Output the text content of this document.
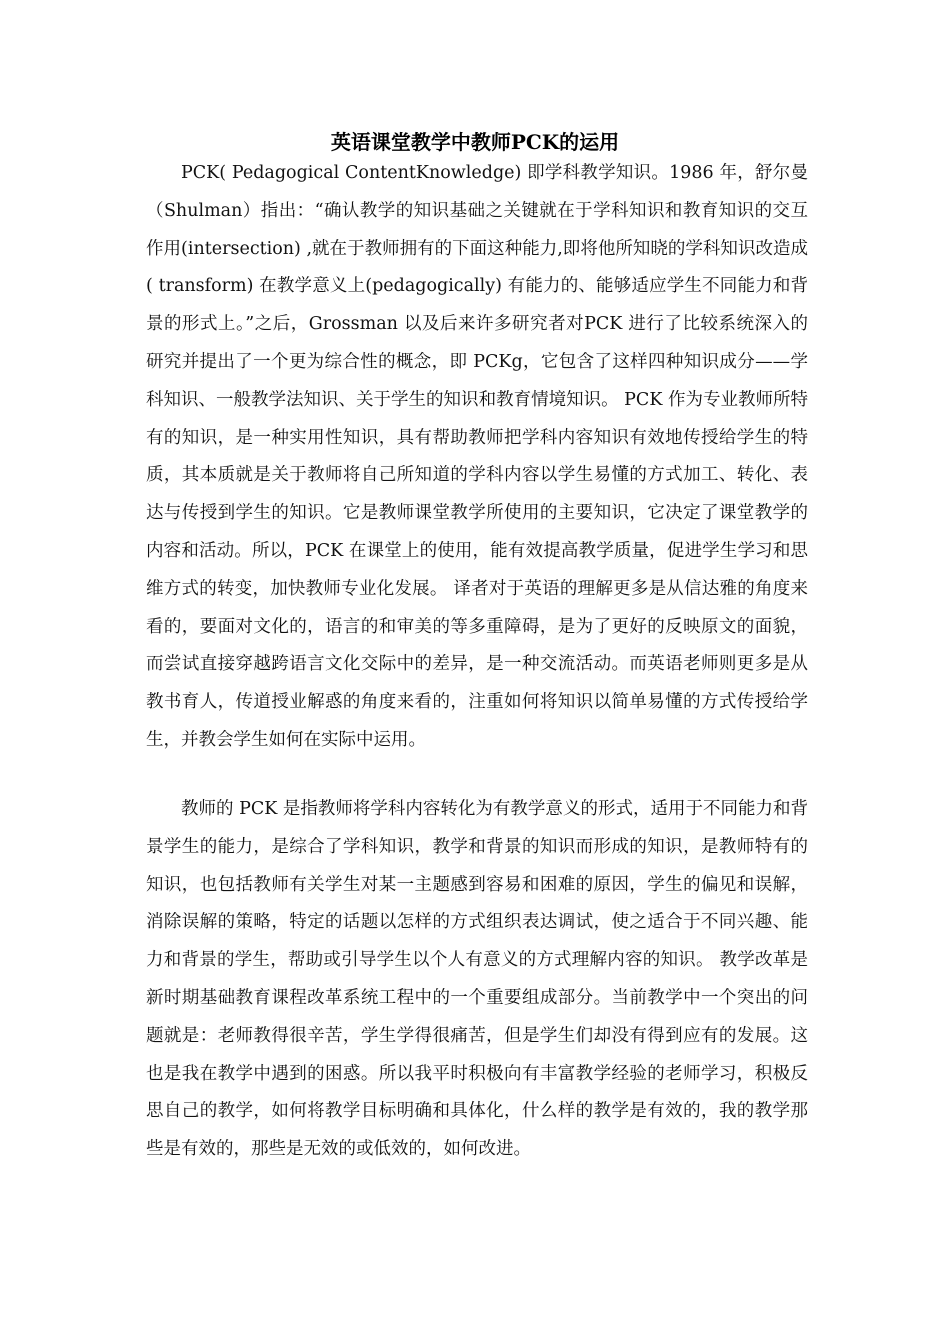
英语课堂教学中教师PCK的运用

PCK( Pedagogical ContentKnowledge) 即学科教学知识。1986 年，舒尔曼（Shulman）指出：“确认教学的知识基础之关键就在于学科知识和教育知识的交互作用(intersection) ,就在于教师拥有的下面这种能力,即将他所知晓的学科知识改造成( transform) 在教学意义上(pedagogically) 有能力的、能够适应学生不同能力和背景的形式上。”之后，Grossman 以及后来许多研究者对PCK 进行了比较系统深入的研究并提出了一个更为综合性的概念，即 PCKg，它包含了这样四种知识成分——学科知识、一般教学法知识、关于学生的知识和教育情境知识。 PCK 作为专业教师所特有的知识，是一种实用性知识，具有帮助教师把学科内容知识有效地传授给学生的特质，其本质就是关于教师将自己所知道的学科内容以学生易懂的方式加工、转化、表达与传授到学生的知识。它是教师课堂教学所使用的主要知识，它决定了课堂教学的内容和活动。所以，PCK 在课堂上的使用，能有效提高教学质量，促进学生学习和思维方式的转变，加快教师专业化发展。 译者对于英语的理解更多是从信达雅的角度来看的，要面对文化的，语言的和审美的等多重障碍，是为了更好的反映原文的面貌，而尝试直接穿越跨语言文化交际中的差异，是一种交流活动。而英语老师则更多是从教书育人，传道授业解惑的角度来看的，注重如何将知识以简单易懂的方式传授给学生，并教会学生如何在实际中运用。

教师的 PCK 是指教师将学科内容转化为有教学意义的形式，适用于不同能力和背景学生的能力，是综合了学科知识，教学和背景的知识而形成的知识，是教师特有的知识，也包括教师有关学生对某一主题感到容易和困难的原因，学生的偏见和误解，消除误解的策略，特定的话题以怎样的方式组织表达调试，使之适合于不同兴趣、能力和背景的学生，帮助或引导学生以个人有意义的方式理解内容的知识。 教学改革是新时期基础教育课程改革系统工程中的一个重要组成部分。当前教学中一个突出的问题就是：老师教得很辛苦，学生学得很痛苦，但是学生们却没有得到应有的发展。这也是我在教学中遇到的困惑。所以我平时积极向有丰富教学经验的老师学习，积极反思自己的教学，如何将教学目标明确和具体化，什么样的教学是有效的，我的教学那些是有效的，那些是无效的或低效的，如何改进。
